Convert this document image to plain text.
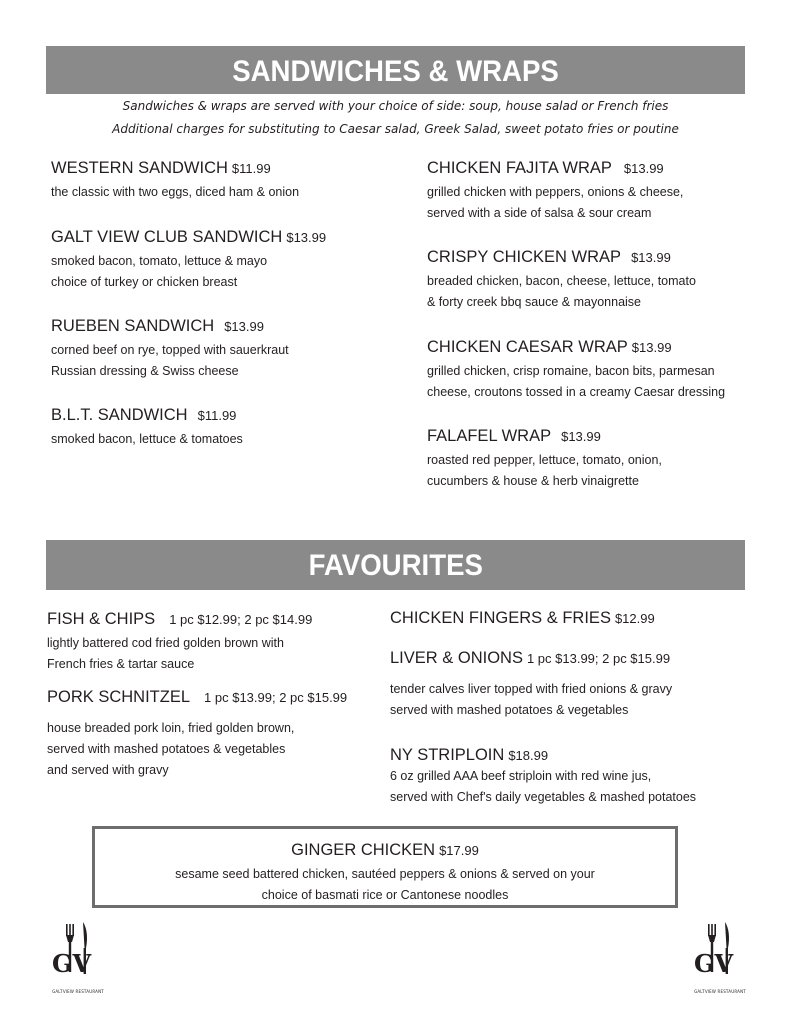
SANDWICHES & WRAPS
Sandwiches & wraps are served with your choice of side: soup, house salad or French fries
Additional charges for substituting to Caesar salad, Greek Salad, sweet potato fries or poutine
WESTERN SANDWICH $11.99
the classic with two eggs, diced ham & onion
GALT VIEW CLUB SANDWICH $13.99
smoked bacon, tomato, lettuce & mayo
choice of turkey or chicken breast
RUEBEN SANDWICH $13.99
corned beef on rye, topped with sauerkraut
Russian dressing & Swiss cheese
B.L.T. SANDWICH $11.99
smoked bacon, lettuce & tomatoes
CHICKEN FAJITA WRAP $13.99
grilled chicken with peppers, onions & cheese,
served with a side of salsa & sour cream
CRISPY CHICKEN WRAP $13.99
breaded chicken, bacon, cheese, lettuce, tomato
& forty creek bbq sauce & mayonnaise
CHICKEN CAESAR WRAP $13.99
grilled chicken, crisp romaine, bacon bits, parmesan
cheese, croutons tossed in a creamy Caesar dressing
FALAFEL WRAP $13.99
roasted red pepper, lettuce, tomato, onion,
cucumbers & house & herb vinaigrette
FAVOURITES
FISH & CHIPS 1 pc $12.99; 2 pc $14.99
lightly battered cod fried golden brown with
French fries & tartar sauce
PORK SCHNITZEL 1 pc $13.99; 2 pc $15.99
house breaded pork loin, fried golden brown,
served with mashed potatoes & vegetables
and served with gravy
CHICKEN FINGERS & FRIES $12.99
LIVER & ONIONS 1 pc $13.99; 2 pc $15.99
tender calves liver topped with fried onions & gravy
served with mashed potatoes & vegetables
NY STRIPLOIN $18.99
6 oz grilled AAA beef striploin with red wine jus,
served with Chef's daily vegetables & mashed potatoes
GINGER CHICKEN $17.99
sesame seed battered chicken, sautéed peppers & onions & served on your
choice of basmati rice or Cantonese noodles
GV
GALTVIEW RESTAURANT
GV
GALTVIEW RESTAURANT
